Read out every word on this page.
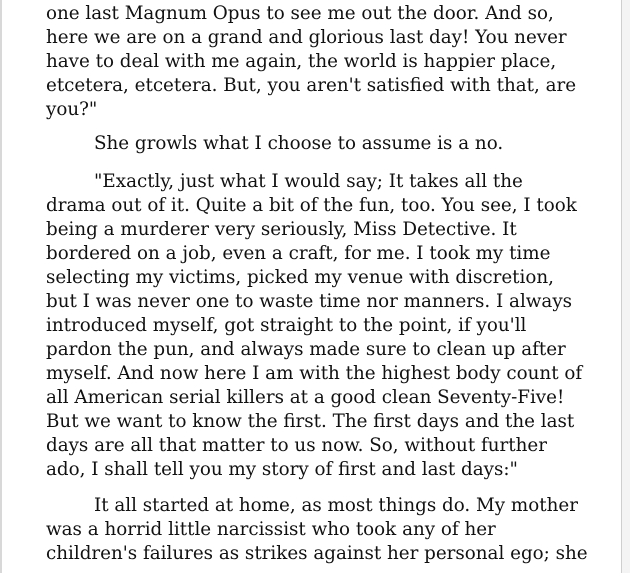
one last Magnum Opus to see me out the door. And so,
here we are on a grand and glorious last day! You never
have to deal with me again, the world is happier place,
etcetera, etcetera. But, you aren't satisfied with that, are
you?"
She growls what I choose to assume is a no.
"Exactly, just what I would say; It takes all the
drama out of it. Quite a bit of the fun, too. You see, I took
being a murderer very seriously, Miss Detective. It
bordered on a job, even a craft, for me. I took my time
selecting my victims, picked my venue with discretion,
but I was never one to waste time nor manners. I always
introduced myself, got straight to the point, if you'll
pardon the pun, and always made sure to clean up after
myself. And now here I am with the highest body count of
all American serial killers at a good clean Seventy-Five!
But we want to know the first. The first days and the last
days are all that matter to us now. So, without further
ado, I shall tell you my story of first and last days:"
It all started at home, as most things do. My mother
was a horrid little narcissist who took any of her
children's failures as strikes against her personal ego; she
